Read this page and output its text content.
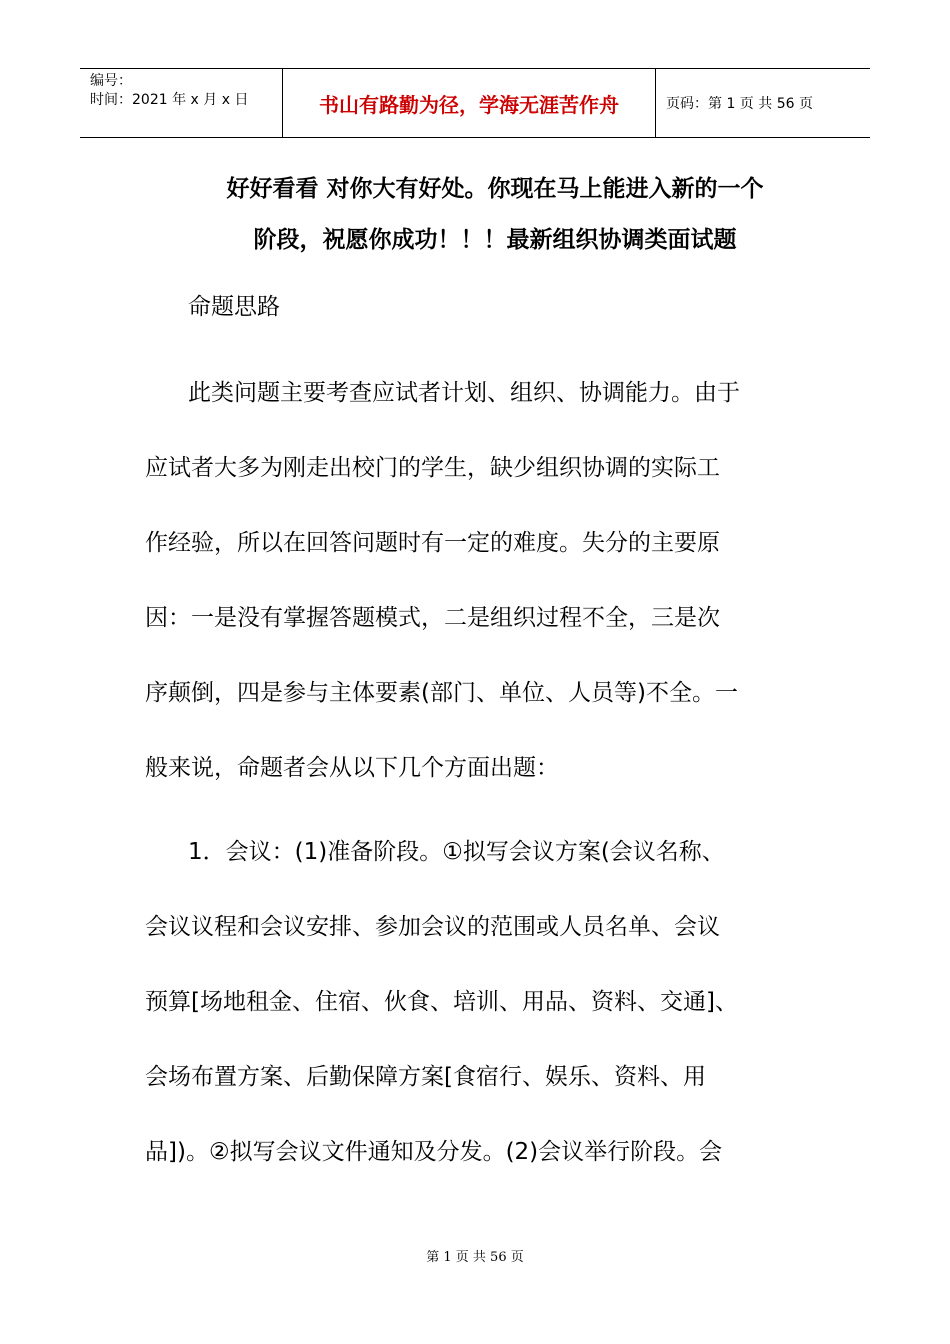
编号：
时间：2021 年 x 月 x 日	书山有路勤为径，学海无涯苦作舟	页码：第 1 页 共 56 页
好好看看 对你大有好处。你现在马上能进入新的一个
阶段，祝愿你成功！！！最新组织协调类面试题
命题思路
此类问题主要考查应试者计划、组织、协调能力。由于
应试者大多为刚走出校门的学生，缺少组织协调的实际工
作经验，所以在回答问题时有一定的难度。失分的主要原
因：一是没有掌握答题模式，二是组织过程不全，三是次
序颠倒，四是参与主体要素(部门、单位、人员等)不全。一
般来说，命题者会从以下几个方面出题：
1．会议：(1)准备阶段。①拟写会议方案(会议名称、
会议议程和会议安排、参加会议的范围或人员名单、会议
预算[场地租金、住宿、伙食、培训、用品、资料、交通]、
会场布置方案、后勤保障方案[食宿行、娱乐、资料、用
品])。②拟写会议文件通知及分发。(2)会议举行阶段。会
第 1 页 共 56 页
